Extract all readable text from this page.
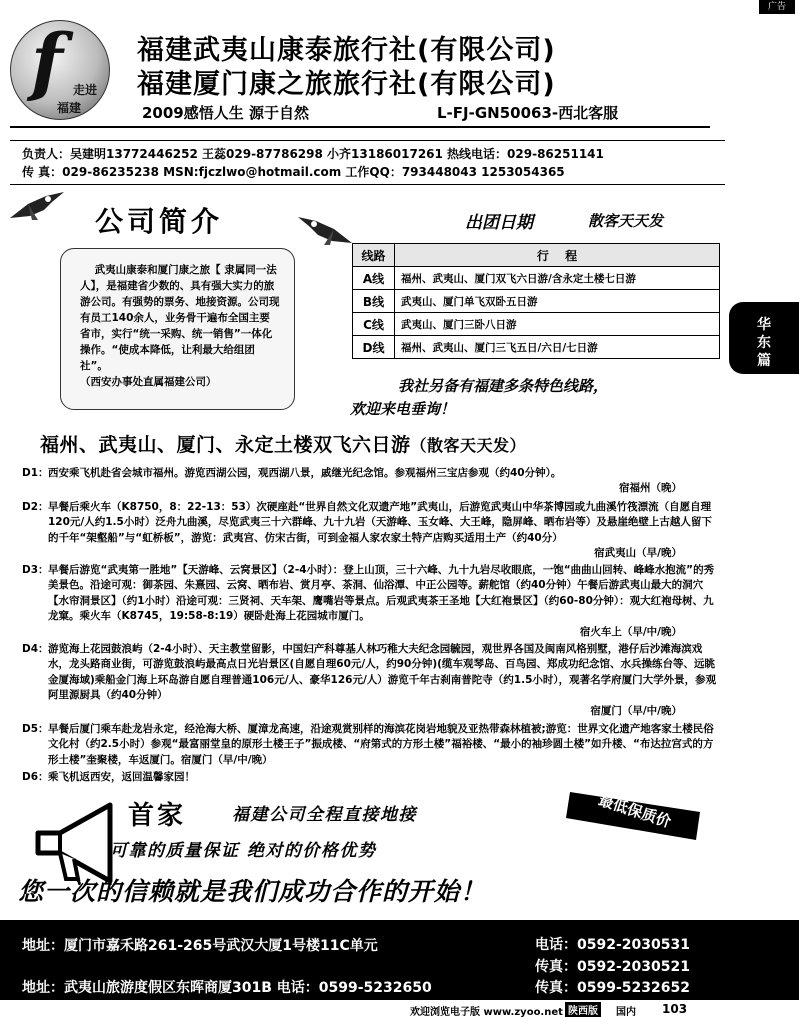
广告
f 走进
福建
福建武夷山康泰旅行社(有限公司)
福建厦门康之旅旅行社(有限公司)
2009感悟人生 源于自然	L-FJ-GN50063-西北客服
负责人：吴建明13772446252 王蕊029-87786298 小齐13186017261 热线电话：029-86251141
传 真：029-86235238 MSN:fjczlwo@hotmail.com 工作QQ：793448043 1253054365
公司简介
武夷山康泰和厦门康之旅【 隶属同一法人】，是福建省少数的、具有强大实力的旅游公司。有强势的票务、地接资源。公司现有员工140余人，业务骨干遍布全国主要省市，实行“统一采购、统一销售”一体化操作。“使成本降低，让利最大给组团社”。
（西安办事处直属福建公司）
出团日期	散客天天发
线路	行 程
A线	福州、武夷山、厦门双飞六日游/含永定土楼七日游
B线	武夷山、厦门单飞双卧五日游
C线	武夷山、厦门三卧八日游
D线	福州、武夷山、厦门三飞五日/六日/七日游
我社另备有福建多条特色线路，
欢迎来电垂询！
华
东
篇
福州、武夷山、厦门、永定土楼双飞六日游（散客天天发）
D1： 西安乘飞机赴省会城市福州。游览西湖公园，观西湖八景，戚继光纪念馆。参观福州三宝店参观（约40分钟）。
宿福州（晚）
D2： 早餐后乘火车（K8750，8：22-13：53）次硬座赴“世界自然文化双遗产地”武夷山，后游览武夷山中华茶博园或九曲溪竹筏漂流（自愿自理120元/人约1.5小时）泛舟九曲溪，尽览武夷三十六群峰、九十九岩（天游峰、玉女峰、大王峰，隐屏峰、晒布岩等）及悬崖绝壁上古越人留下的千年“架壑船”与“虹桥板”，游览：武夷宫、仿宋古街，可到金福人家农家土特产店购买适用土产（约40分）
宿武夷山（早/晚）
D3： 早餐后游览“武夷第一胜地”【天游峰、云窝景区】（2-4小时）：登上山顶，三十六峰、九十九岩尽收眼底，一饱“曲曲山回转、峰峰水抱流”的秀美景色。沿途可观：御茶园、朱熹园、云窝、晒布岩、赏月亭、茶洞、仙浴潭、中正公园等。薪舵馆（约40分钟）午餐后游武夷山最大的洞穴【水帘洞景区】（约1小时）沿途可观：三贤祠、天车架、鹰嘴岩等景点。后观武夷茶王圣地【大红袍景区】（约60-80分钟）：观大红袍母树、九龙窠。乘火车（K8745，19:58-8:19）硬卧赴海上花园城市厦门。
宿火车上（早/中/晚）
D4： 游览海上花园鼓浪屿（2-4小时）、天主教堂留影，中国妇产科尊基人林巧稚大夫纪念园毓园，观世界各国及闽南风格别墅，港仔后沙滩海滨戏水，龙头路商业街，可游览鼓浪屿最高点日光岩景区(自愿自理60元/人，约90分钟)(缆车观琴岛、百鸟园、郑成功纪念馆、水兵操练台等、远眺金厦海域)乘船金门海上环岛游自愿自理普通106元/人、豪华126元/人）游览千年古刹南普陀寺（约1.5小时），观著名学府厦门大学外景，参观阿里源厨具（约40分钟）
宿厦门（早/中/晚）
D5： 早餐后厦门乘车赴龙岩永定，经沧海大桥、厦漳龙高速，沿途观赏别样的海滨花岗岩地貌及亚热带森林植被;游览：世界文化遗产地客家土楼民俗文化村（约2.5小时）参观“最富丽堂皇的原形土楼王子”振成楼、“府第式的方形土楼”福裕楼、“最小的袖珍圆土楼”如升楼、“布达拉宫式的方形土楼”奎聚楼，车返厦门。宿厦门（早/中/晚）
D6： 乘飞机返西安，返回温馨家园！
首家	福建公司全程直接地接
可靠的质量保证 绝对的价格优势
最低保质价
您一次的信赖就是我们成功合作的开始！
地址：厦门市嘉禾路261-265号武汉大厦1号楼11C单元
地址：武夷山旅游度假区东晖商厦301B 电话：0599-5232650
电话：0592-2030531
传真：0592-2030521
传真：0599-5232652
欢迎浏览电子版 www.zyoo.net 陕西版	国内 103
